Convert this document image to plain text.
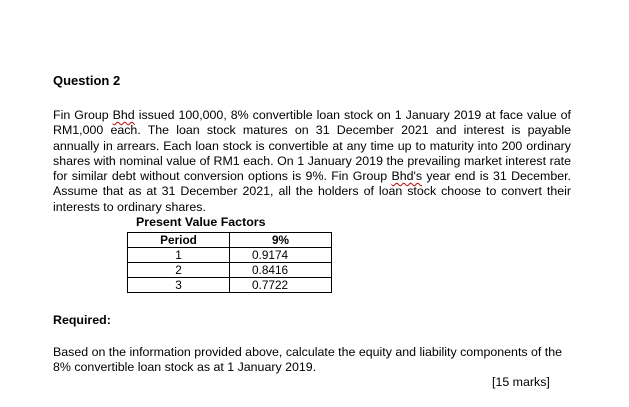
Question 2
Fin Group Bhd issued 100,000, 8% convertible loan stock on 1 January 2019 at face value of RM1,000 each. The loan stock matures on 31 December 2021 and interest is payable annually in arrears. Each loan stock is convertible at any time up to maturity into 200 ordinary shares with nominal value of RM1 each. On 1 January 2019 the prevailing market interest rate for similar debt without conversion options is 9%. Fin Group Bhd's year end is 31 December. Assume that as at 31 December 2021, all the holders of loan stock choose to convert their interests to ordinary shares.
Present Value Factors
Period	9%
1	0.9174
2	0.8416
3	0.7722
Required:
Based on the information provided above, calculate the equity and liability components of the 8% convertible loan stock as at 1 January 2019.
[15 marks]
